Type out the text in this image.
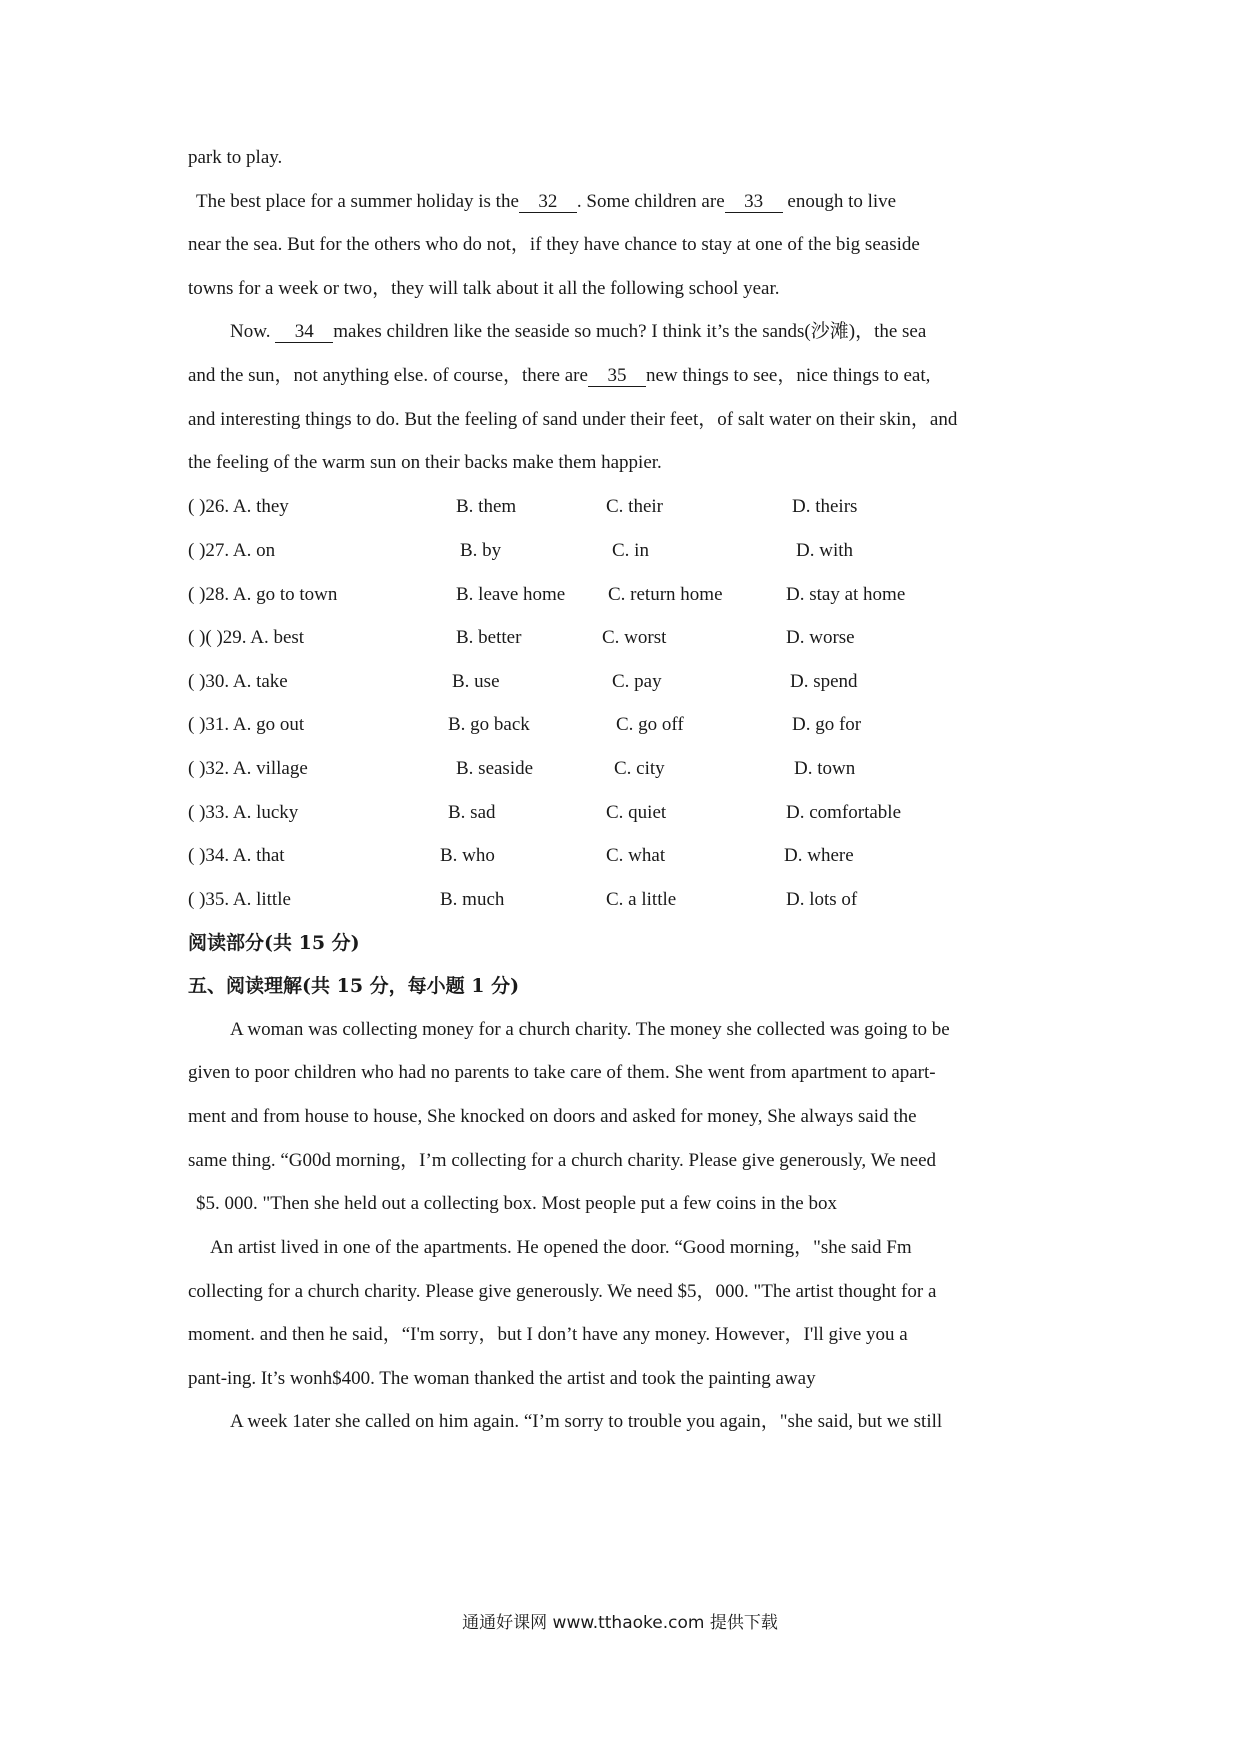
park to play.
The best place for a summer holiday is the 32 . Some children are 33 enough to live
near the sea. But for the others who do not，if they have chance to stay at one of the big seaside
towns for a week or two，they will talk about it all the following school year.
Now. 34 makes children like the seaside so much? I think it’s the sands(沙滩)，the sea
and the sun，not anything else. of course，there are 35 new things to see，nice things to eat,
and interesting things to do. But the feeling of sand under their feet，of salt water on their skin，and
the feeling of the warm sun on their backs make them happier.
( )26. A. they	B. them	C. their	D. theirs
( )27. A. on	B. by	C. in	D. with
( )28. A. go to town	B. leave home C. return home	D. stay at home
( )( )29. A. best	B. better	C. worst	D. worse
( )30. A. take	B. use	C. pay	D. spend
( )31. A. go out	B. go back	C. go off	D. go for
( )32. A. village	B. seaside	C. city	D. town
( )33. A. lucky	B. sad	C. quiet	D. comfortable
( )34. A. that	B. who	C. what	D. where
( )35. A. little	B. much	C. a little	D. lots of
阅读部分(共 15 分)
五、阅读理解(共 15 分，每小题 1 分)
A woman was collecting money for a church charity. The money she collected was going to be
given to poor children who had no parents to take care of them. She went from apartment to apart-
ment and from house to house, She knocked on doors and asked for money, She always said the
same thing. “G00d morning，I’m collecting for a church charity. Please give generously, We need
$5. 000. "Then she held out a collecting box. Most people put a few coins in the box
An artist lived in one of the apartments. He opened the door. “Good morning，"she said Fm
collecting for a church charity. Please give generously. We need $5，000. "The artist thought for a
moment. and then he said，“I'm sorry，but I don’t have any money. However，I'll give you a
pant-ing. It’s wonh$400. The woman thanked the artist and took the painting away
A week 1ater she called on him again. “I’m sorry to trouble you again，"she said, but we still
通通好课网 www.tthaoke.com 提供下载
